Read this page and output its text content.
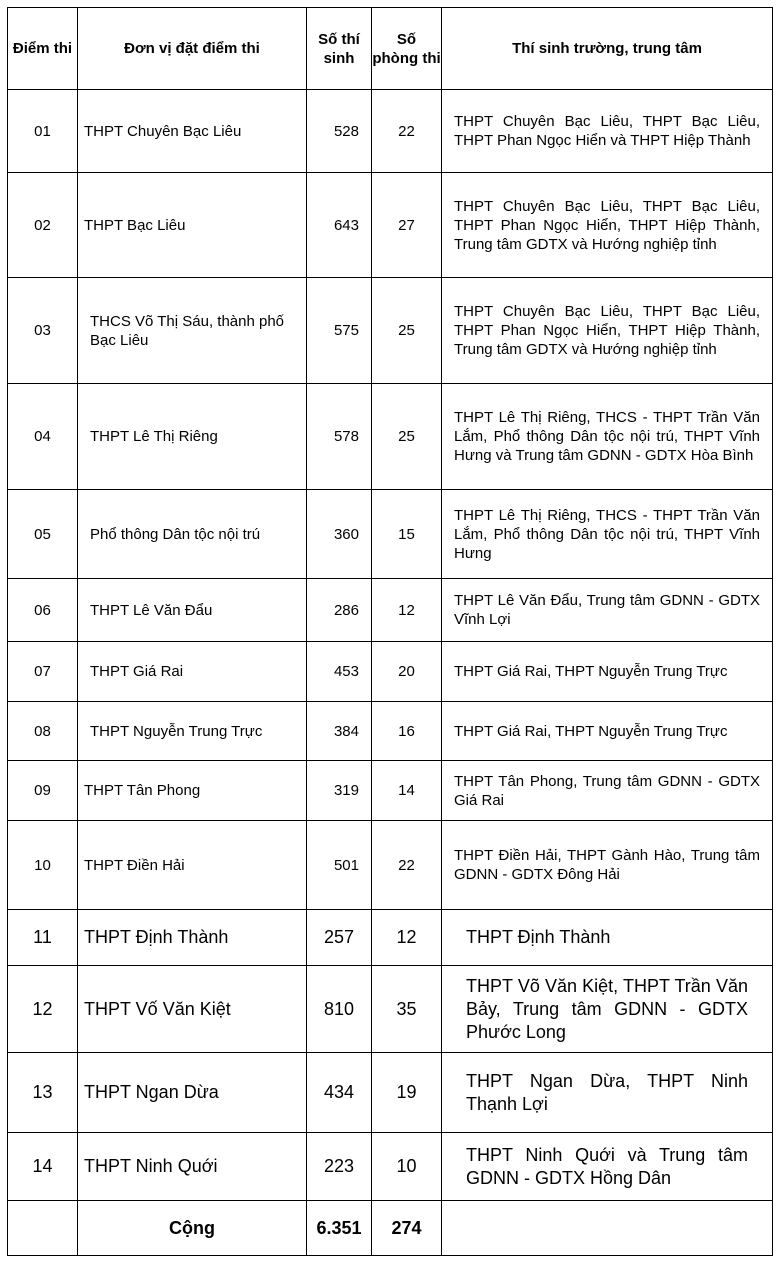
Điểm thi	Đơn vị đặt điểm thi	Số thí sinh	Số phòng thi	Thí sinh trường, trung tâm
01	THPT Chuyên Bạc Liêu	528	22	THPT Chuyên Bạc Liêu, THPT Bạc Liêu, THPT Phan Ngọc Hiển và THPT Hiệp Thành
02	THPT Bạc Liêu	643	27	THPT Chuyên Bạc Liêu, THPT Bạc Liêu, THPT Phan Ngọc Hiển, THPT Hiệp Thành, Trung tâm GDTX và Hướng nghiệp tỉnh
03	THCS Võ Thị Sáu, thành phố Bạc Liêu	575	25	THPT Chuyên Bạc Liêu, THPT Bạc Liêu, THPT Phan Ngọc Hiển, THPT Hiệp Thành, Trung tâm GDTX và Hướng nghiệp tỉnh
04	THPT Lê Thị Riêng	578	25	THPT Lê Thị Riêng, THCS - THPT Trần Văn Lắm, Phổ thông Dân tộc nội trú, THPT Vĩnh Hưng và Trung tâm GDNN - GDTX Hòa Bình
05	Phổ thông Dân tộc nội trú	360	15	THPT Lê Thị Riêng, THCS - THPT Trần Văn Lắm, Phổ thông Dân tộc nội trú, THPT Vĩnh Hưng
06	THPT Lê Văn Đẩu	286	12	THPT Lê Văn Đẩu, Trung tâm GDNN - GDTX Vĩnh Lợi
07	THPT Giá Rai	453	20	THPT Giá Rai, THPT Nguyễn Trung Trực
08	THPT Nguyễn Trung Trực	384	16	THPT Giá Rai, THPT Nguyễn Trung Trực
09	THPT Tân Phong	319	14	THPT Tân Phong, Trung tâm GDNN - GDTX Giá Rai
10	THPT Điền Hải	501	22	THPT Điền Hải, THPT Gành Hào, Trung tâm GDNN - GDTX Đông Hải
11	THPT Định Thành	257	12	THPT Định Thành
12	THPT Vố Văn Kiệt	810	35	THPT Võ Văn Kiệt, THPT Trần Văn Bảy, Trung tâm GDNN - GDTX Phước Long
13	THPT Ngan Dừa	434	19	THPT Ngan Dừa, THPT Ninh Thạnh Lợi
14	THPT Ninh Quới	223	10	THPT Ninh Quới và Trung tâm GDNN - GDTX Hồng Dân
	Cộng	6.351	274	
